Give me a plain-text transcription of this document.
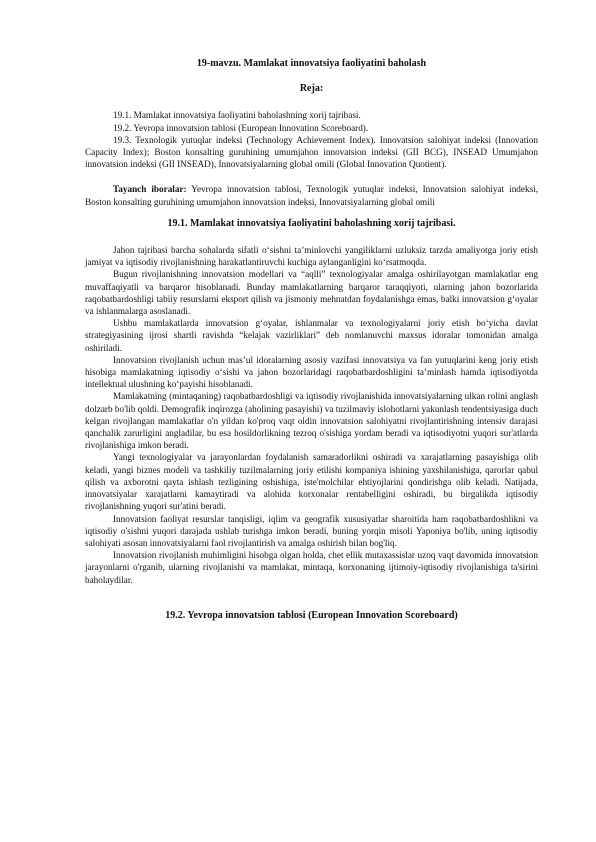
19-mavzu. Mamlakat innovatsiya faoliyatini baholash
Reja:

19.1. Mamlakat innovatsiya faoliyatini baholashning xorij tajribasi.

19.2. Yevropa innovatsion tablosi (European Innovation Scoreboard).

19.3. Texnologik yutuqlar indeksi (Technology Achievement Index). Innovatsion salohiyat indeksi (Innovation Capacity Index); Boston konsalting guruhining umumjahon innovatsion indeksi (GII BCG), INSEAD Umumjahon innovatsion indeksi (GII INSEAD), Innovatsiyalarning global omili (Global Innovation Quotient).

Tayanch iboralar: Yevropa innovatsion tablosi, Texnologik yutuqlar indeksi, Innovatsion salohiyat indeksi, Boston konsalting guruhining umumjahon innovatsion indeksi, Innovatsiyalarning global omili

19.1. Mamlakat innovatsiya faoliyatini baholashning xorij tajribasi.

Jahon tajribasi barcha sohalarda sifatli o‘sishni ta’minlovchi yangiliklarni uzluksiz tarzda amaliyotga joriy etish jamiyat va iqtisodiy rivojlanishning harakatlantiruvchi kuchiga aylanganligini ko‘rsatmoqda.

Bugun rivojlanishning innovatsion modellari va “aqlli” texnologiyalar amalga oshirilayotgan mamlakatlar eng muvaffaqiyatli va barqaror hisoblanadi. Bunday mamlakatlarning barqaror taraqqiyoti, ularning jahon bozorlarida raqobatbardoshligi tabiiy resurslarni eksport qilish va jismoniy mehnatdan foydalanishga emas, balki innovatsion g‘oyalar va ishlanmalarga asoslanadi.

Ushbu mamlakatlarda innovatsion g‘oyalar, ishlanmalar va texnologiyalarni joriy etish bo‘yicha davlat strategiyasining ijrosi shartli ravishda “kelajak vazirliklari” deb nomlanuvchi maxsus idoralar tomonidan amalga oshiriladi.

Innovatsion rivojlanish uchun mas’ul idoralarning asosiy vazifasi innovatsiya va fan yutuqlarini keng joriy etish hisobiga mamlakatning iqtisodiy o‘sishi va jahon bozorlaridagi raqobatbardoshligini ta’minlash hamda iqtisodiyotda intellektual ulushning ko‘payishi hisoblanadi.

Mamlakatning (mintaqaning) raqobatbardoshligi va iqtisodiy rivojlanishida innovatsiyalarning ulkan rolini anglash dolzarb bo'lib qoldi. Demografik inqirozga (aholining pasayishi) va tuzilmaviy islohotlarni yakunlash tendentsiyasiga duch kelgan rivojlangan mamlakatlar o'n yildan ko'proq vaqt oldin innovatsion salohiyatni rivojlantirishning intensiv darajasi qanchalik zarurligini angladilar, bu esa hosildorlikning tezroq o'sishiga yordam beradi va iqtisodiyotni yuqori sur'atlarda rivojlanishiga imkon beradi.

Yangi texnologiyalar va jarayonlardan foydalanish samaradorlikni oshiradi va xarajatlarning pasayishiga olib keladi, yangi biznes modeli va tashkiliy tuzilmalarning joriy etilishi kompaniya ishining yaxshilanishiga, qarorlar qabul qilish va axborotni qayta ishlash tezligining oshishiga, iste'molchilar ehtiyojlarini qondirishga olib keladi. Natijada, innovatsiyalar xarajatlarni kamaytiradi va alohida korxonalar rentabelligini oshiradi, bu birgalikda iqtisodiy rivojlanishning yuqori sur'atini beradi.

Innovatsion faoliyat resurslar tanqisligi, iqlim va geografik xususiyatlar sharoitida ham raqobatbardoshlikni va iqtisodiy o'sishni yuqori darajada ushlab turishga imkon beradi, buning yorqin misoli Yaponiya bo'lib, uning iqtisodiy salohiyati asosan innovatsiyalarni faol rivojlantirish va amalga oshirish bilan bog'liq.

Innovatsion rivojlanish muhimligini hisobga olgan holda, chet ellik mutaxassislar uzoq vaqt davomida innovatsion jarayonlarni o'rganib, ularning rivojlanishi va mamlakat, mintaqa, korxonaning ijtimoiy-iqtisodiy rivojlanishiga ta'sirini baholaydilar.

19.2. Yevropa innovatsion tablosi (European Innovation Scoreboard)
